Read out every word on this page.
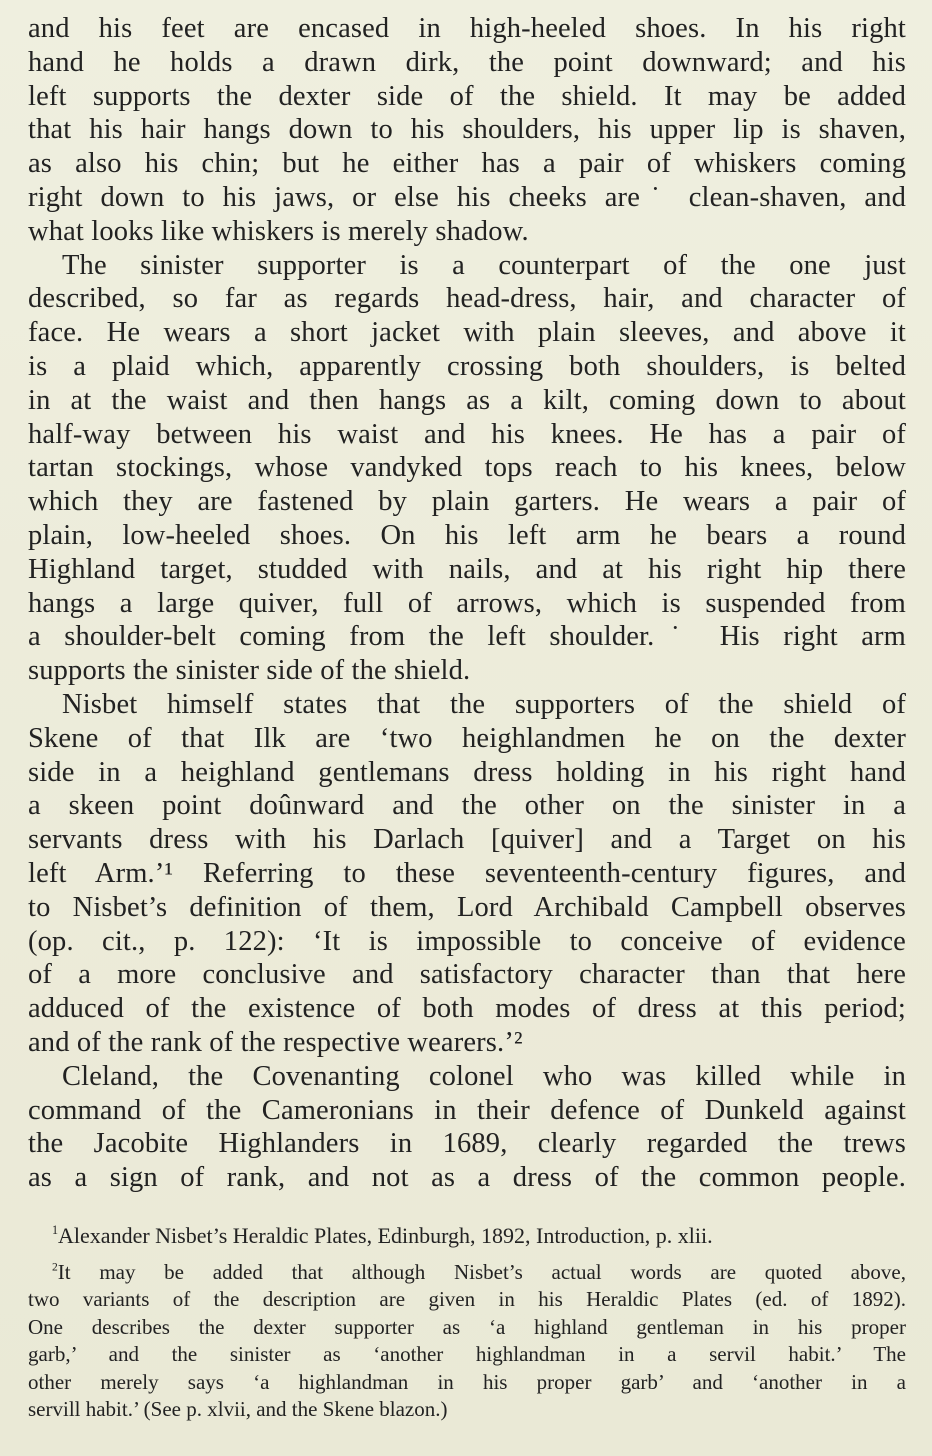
and his feet are encased in high-heeled shoes. In his right
hand he holds a drawn dirk, the point downward; and his
left supports the dexter side of the shield. It may be added
that his hair hangs down to his shoulders, his upper lip is shaven,
as also his chin; but he either has a pair of whiskers coming
right down to his jaws, or else his cheeks are˙ clean-shaven, and
what looks like whiskers is merely shadow.

The sinister supporter is a counterpart of the one just
described, so far as regards head-dress, hair, and character of
face. He wears a short jacket with plain sleeves, and above it
is a plaid which, apparently crossing both shoulders, is belted
in at the waist and then hangs as a kilt, coming down to about
half-way between his waist and his knees. He has a pair of
tartan stockings, whose vandyked tops reach to his knees, below
which they are fastened by plain garters. He wears a pair of
plain, low-heeled shoes. On his left arm he bears a round
Highland target, studded with nails, and at his right hip there
hangs a large quiver, full of arrows, which is suspended from
a shoulder-belt coming from the left shoulder.˙ His right arm
supports the sinister side of the shield.

Nisbet himself states that the supporters of the shield of
Skene of that Ilk are ‘two heighlandmen he on the dexter
side in a heighland gentlemans dress holding in his right hand
a skeen point doûnward and the other on the sinister in a
servants dress with his Darlach [quiver] and a Target on his
left Arm.’¹ Referring to these seventeenth-century figures, and
to Nisbet’s definition of them, Lord Archibald Campbell observes
(op. cit., p. 122): ‘It is impossible to conceive of evidence
of a more conclusive and satisfactory character than that here
adduced of the existence of both modes of dress at this period;
and of the rank of the respective wearers.’²

Cleland, the Covenanting colonel who was killed while in
command of the Cameronians in their defence of Dunkeld against
the Jacobite Highlanders in 1689, clearly regarded the trews
as a sign of rank, and not as a dress of the common people.

$^1$Alexander Nisbet’s Heraldic Plates, Edinburgh, 1892, Introduction, p. xlii.
$^2$It may be added that although Nisbet’s actual words are quoted above,
two variants of the description are given in his Heraldic Plates (ed. of 1892).
One describes the dexter supporter as ‘a highland gentleman in his proper
garb,’ and the sinister as ‘another highlandman in a servil habit.’ The
other merely says ‘a highlandman in his proper garb’ and ‘another in a
servill habit.’ (See p. xlvii, and the Skene blazon.)
